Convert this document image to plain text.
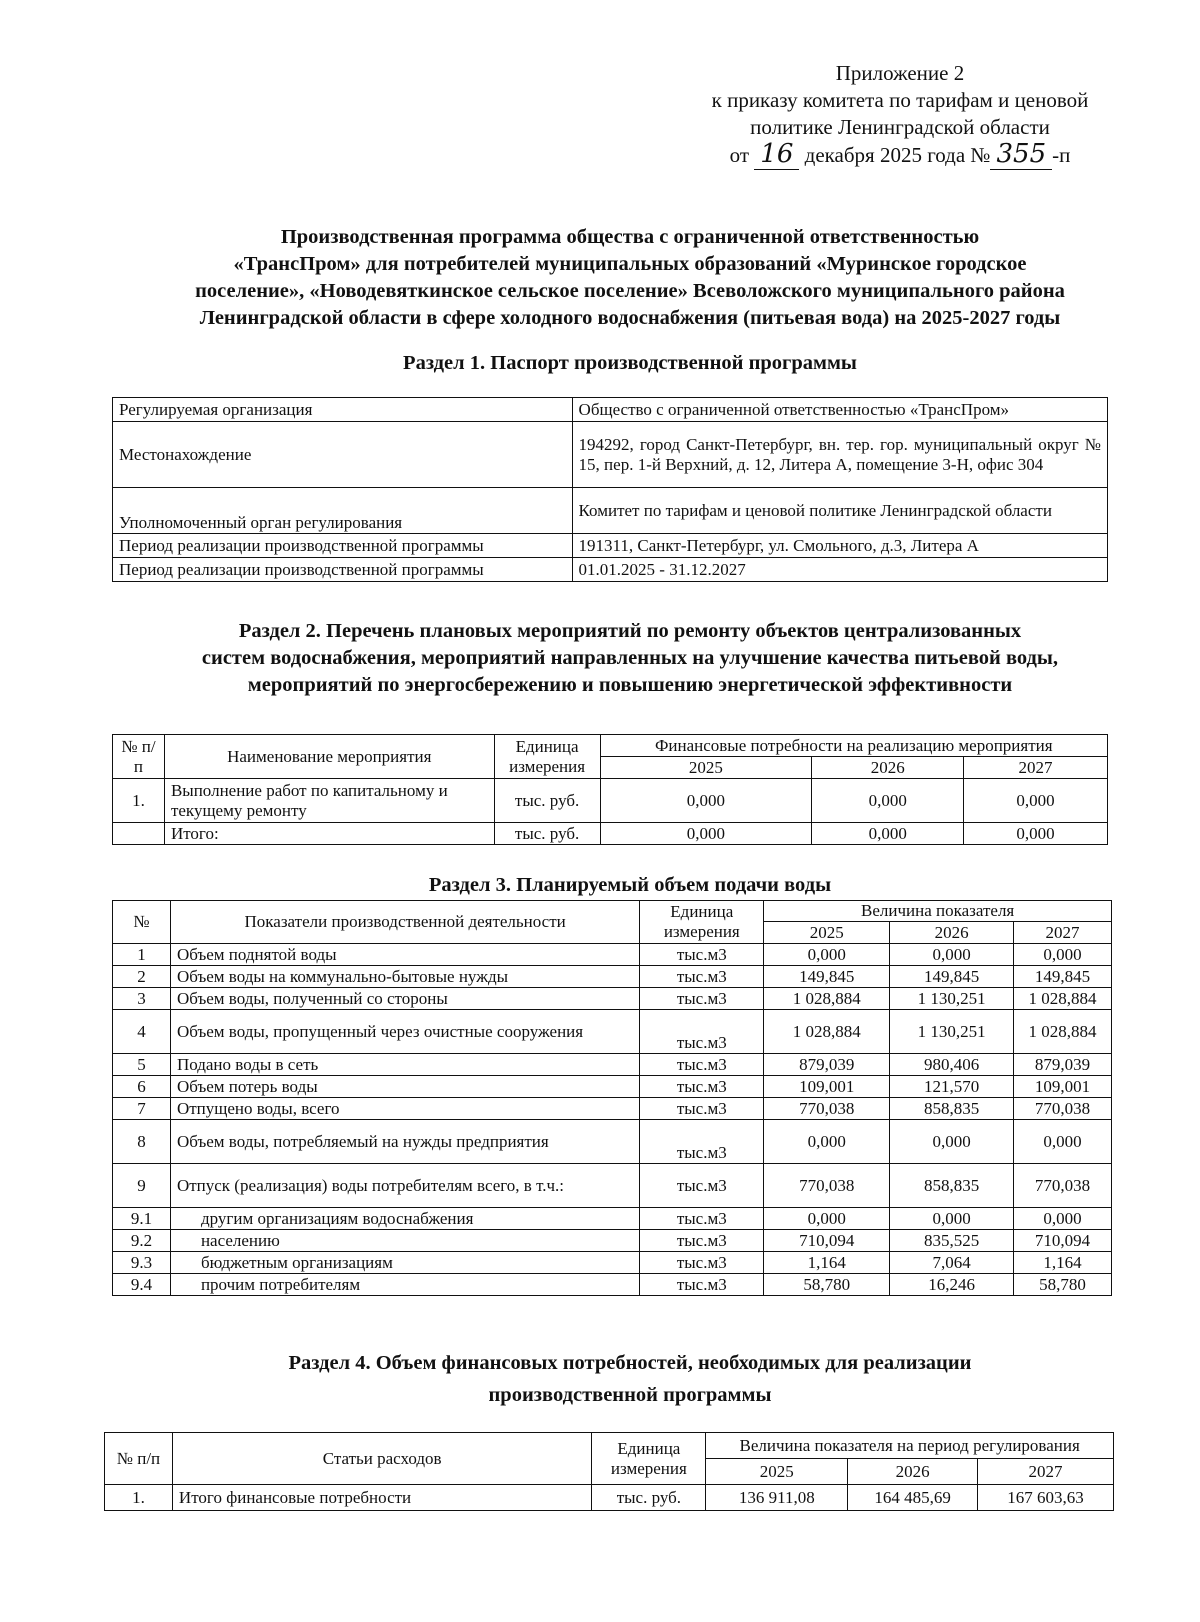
Приложение 2
к приказу комитета по тарифам и ценовой
политике Ленинградской области
от 16 декабря 2025 года № 355 -п
Производственная программа общества с ограниченной ответственностью
«ТрансПром» для потребителей муниципальных образований «Муринское городское
поселение», «Новодевяткинское сельское поселение» Всеволожского муниципального района
Ленинградской области в сфере холодного водоснабжения (питьевая вода) на 2025-2027 годы
Раздел 1. Паспорт производственной программы
Регулируемая организация	Общество с ограниченной ответственностью «ТрансПром»
Местонахождение	194292, город Санкт-Петербург, вн. тер. гор. муниципальный округ № 15, пер. 1-й Верхний, д. 12, Литера А, помещение 3-Н, офис 304
Уполномоченный орган регулирования	Комитет по тарифам и ценовой политике Ленинградской области
Период реализации производственной программы	191311, Санкт-Петербург, ул. Смольного, д.3, Литера А
Период реализации производственной программы	01.01.2025 - 31.12.2027
Раздел 2. Перечень плановых мероприятий по ремонту объектов централизованных
систем водоснабжения, мероприятий направленных на улучшение качества питьевой воды,
мероприятий по энергосбережению и повышению энергетической эффективности
№ п/п	Наименование мероприятия	Единица измерения	Финансовые потребности на реализацию мероприятия		
			2025	2026	2027
1.	Выполнение работ по капитальному и текущему ремонту	тыс. руб.	0,000	0,000	0,000
	Итого:	тыс. руб.	0,000	0,000	0,000
Раздел 3. Планируемый объем подачи воды
№	Показатели производственной деятельности	Единица измерения	Величина показателя		
			2025	2026	2027
1	Объем поднятой воды	тыс.м3	0,000	0,000	0,000
2	Объем воды на коммунально-бытовые нужды	тыс.м3	149,845	149,845	149,845
3	Объем воды, полученный со стороны	тыс.м3	1 028,884	1 130,251	1 028,884
4	Объем воды, пропущенный через очистные сооружения	тыс.м3	1 028,884	1 130,251	1 028,884
5	Подано воды в сеть	тыс.м3	879,039	980,406	879,039
6	Объем потерь воды	тыс.м3	109,001	121,570	109,001
7	Отпущено воды, всего	тыс.м3	770,038	858,835	770,038
8	Объем воды, потребляемый на нужды предприятия	тыс.м3	0,000	0,000	0,000
9	Отпуск (реализация) воды потребителям всего, в т.ч.:	тыс.м3	770,038	858,835	770,038
9.1	другим организациям водоснабжения	тыс.м3	0,000	0,000	0,000
9.2	населению	тыс.м3	710,094	835,525	710,094
9.3	бюджетным организациям	тыс.м3	1,164	7,064	1,164
9.4	прочим потребителям	тыс.м3	58,780	16,246	58,780
Раздел 4. Объем финансовых потребностей, необходимых для реализации
производственной программы
№ п/п	Статьи расходов	Единица измерения	Величина показателя на период регулирования		
			2025	2026	2027
1.	Итого финансовые потребности	тыс. руб.	136 911,08	164 485,69	167 603,63
